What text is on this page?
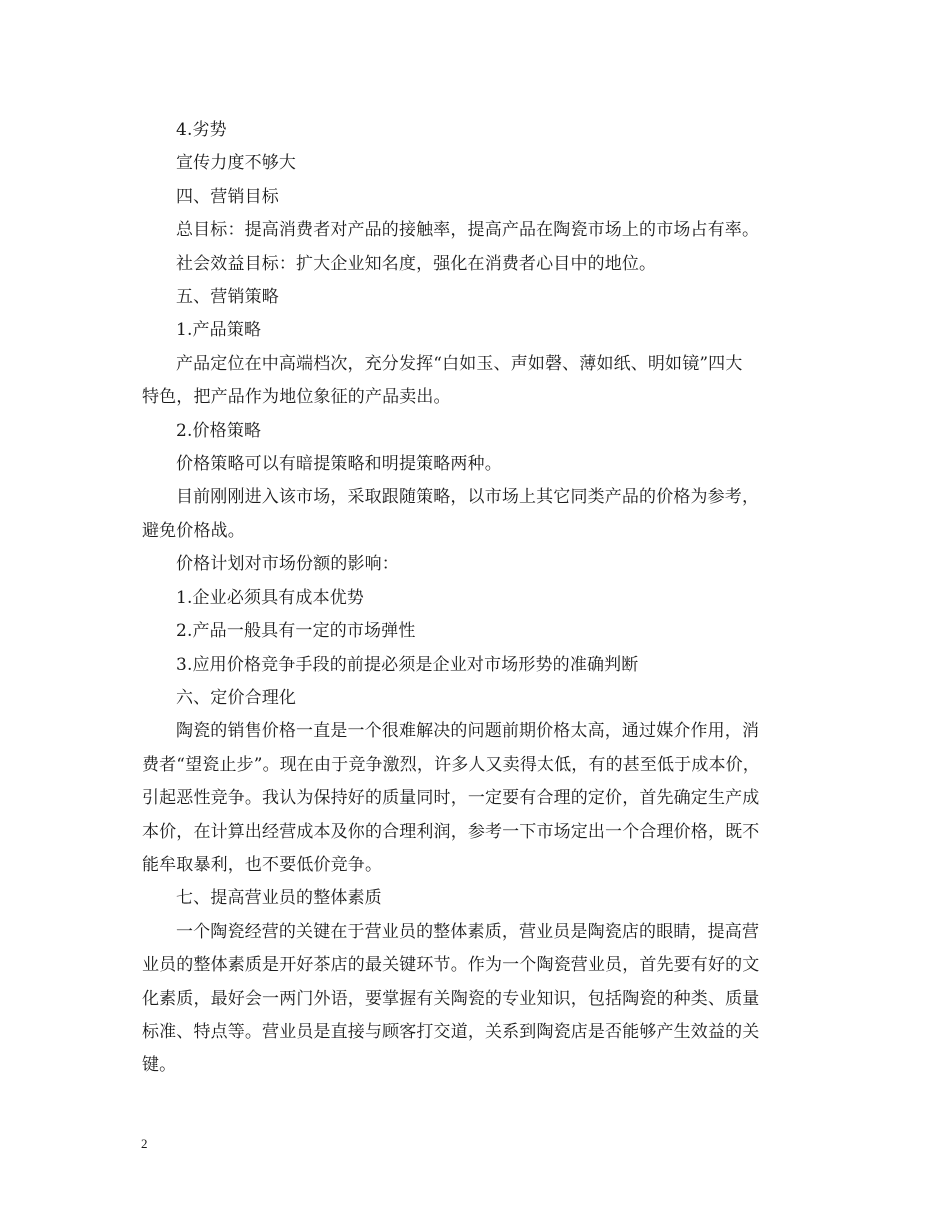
4.劣势
宣传力度不够大
四、营销目标
总目标：提高消费者对产品的接触率，提高产品在陶瓷市场上的市场占有率。
社会效益目标：扩大企业知名度，强化在消费者心目中的地位。
五、营销策略
1.产品策略
产品定位在中高端档次，充分发挥“白如玉、声如磬、薄如纸、明如镜”四大
特色，把产品作为地位象征的产品卖出。
2.价格策略
价格策略可以有暗提策略和明提策略两种。
目前刚刚进入该市场，采取跟随策略，以市场上其它同类产品的价格为参考，
避免价格战。
价格计划对市场份额的影响：
1.企业必须具有成本优势
2.产品一般具有一定的市场弹性
3.应用价格竞争手段的前提必须是企业对市场形势的准确判断
六、定价合理化
陶瓷的销售价格一直是一个很难解决的问题前期价格太高，通过媒介作用，消
费者“望瓷止步”。现在由于竞争激烈，许多人又卖得太低，有的甚至低于成本价，
引起恶性竞争。我认为保持好的质量同时，一定要有合理的定价，首先确定生产成
本价，在计算出经营成本及你的合理利润，参考一下市场定出一个合理价格，既不
能牟取暴利，也不要低价竞争。
七、提高营业员的整体素质
一个陶瓷经营的关键在于营业员的整体素质，营业员是陶瓷店的眼睛，提高营
业员的整体素质是开好茶店的最关键环节。作为一个陶瓷营业员，首先要有好的文
化素质，最好会一两门外语，要掌握有关陶瓷的专业知识，包括陶瓷的种类、质量
标准、特点等。营业员是直接与顾客打交道，关系到陶瓷店是否能够产生效益的关
键。
2
